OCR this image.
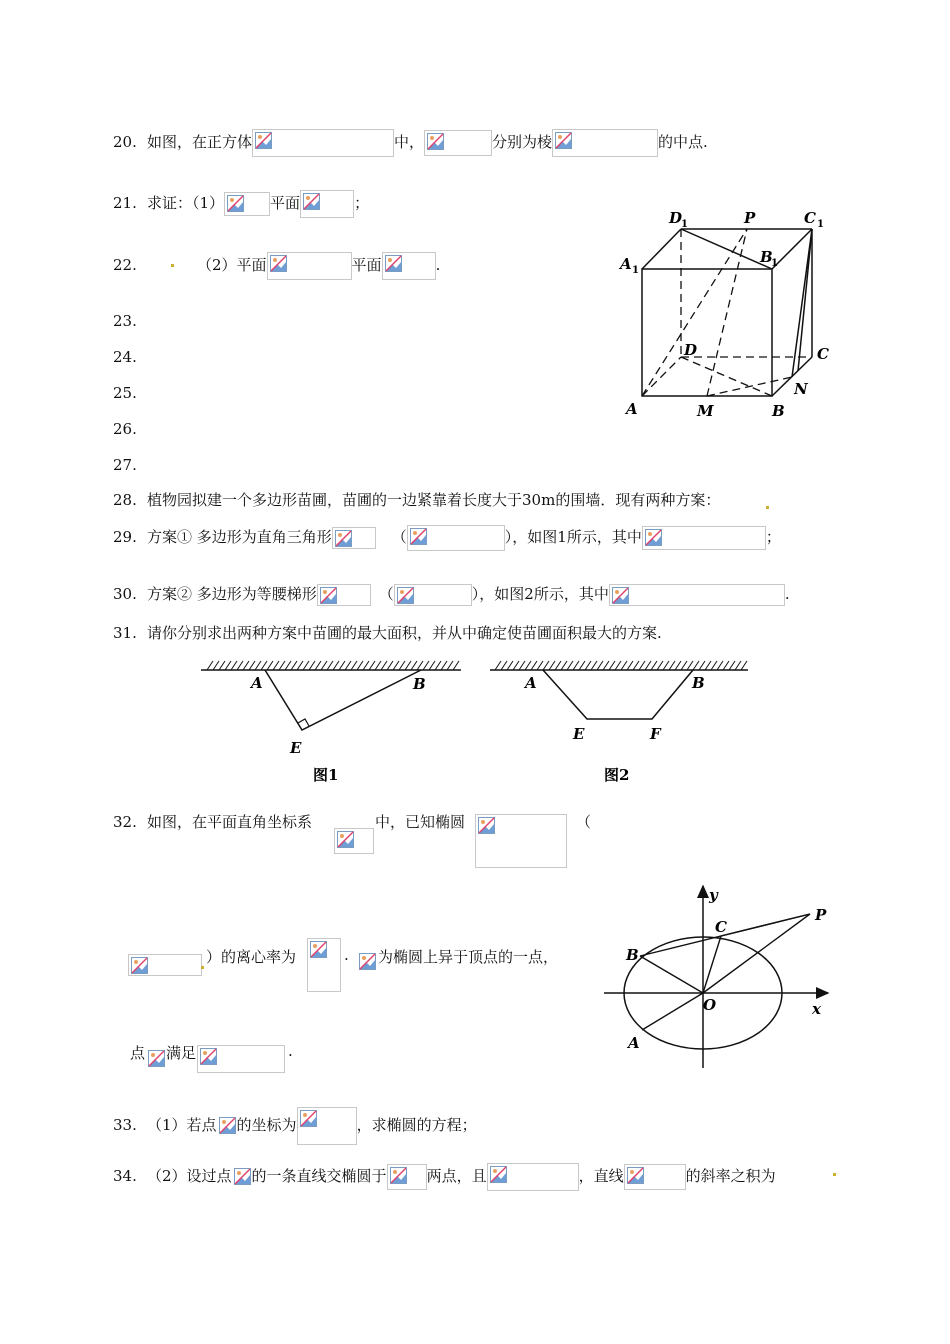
20. 如图，在正方体	中，	分别为棱	的中点.
21. 求证：（1）	平面	；
22.	（2）平面	平面	.
23.
24.
25.
26.
27.
D
1	P	C 1
A 1
B
1
D	C
A	M	B
N
28. 植物园拟建一个多边形苗圃，苗圃的一边紧靠着长度大于30m的围墙．现有两种方案：
29. 方案① 多边形为直角三角形	（	），如图1所示，其中	；
30. 方案② 多边形为等腰梯形	（	），如图2所示，其中	.
31. 请你分别求出两种方案中苗圃的最大面积，并从中确定使苗圃面积最大的方案.
A	B
E
图1
A	B
E	F
图2
32. 如图，在平面直角坐标系	中，已知椭圆	（
）的离心率为	. 为椭圆上异于顶点的一点，
点 满足	.
y
x
O
P
C
B
A
33. （1）若点 的坐标为	，求椭圆的方程；
34. （2）设过点 的一条直线交椭圆于	两点，且	，直线	的斜率之积为
